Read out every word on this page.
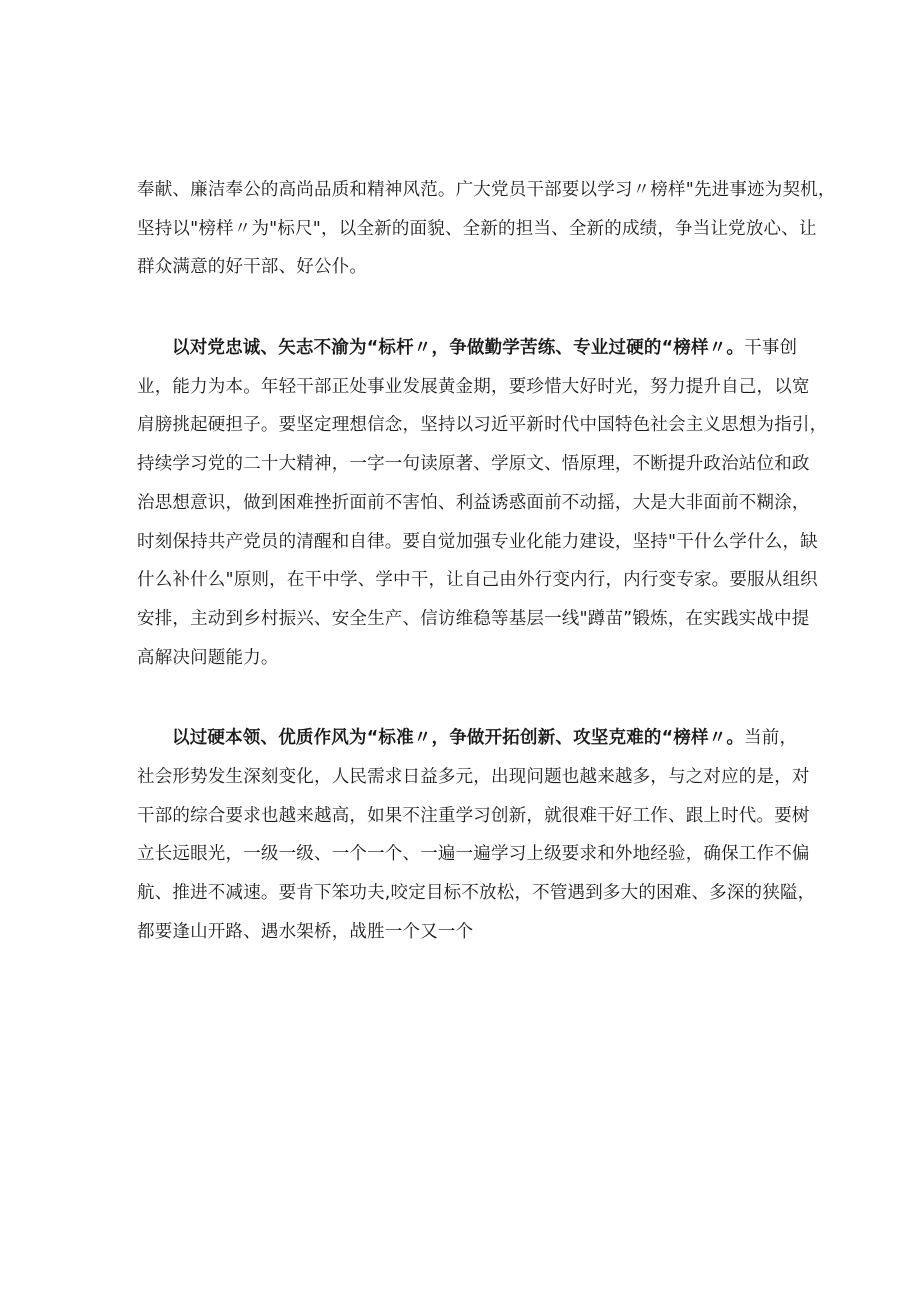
奉献、廉洁奉公的高尚品质和精神风范。广大党员干部要以学习〃榜样"先进事迹为契机，
坚持以"榜样〃为"标尺"，以全新的面貌、全新的担当、全新的成绩，争当让党放心、让
群众满意的好干部、好公仆。
以对党忠诚、矢志不渝为“标杆〃，争做勤学苦练、专业过硬的“榜样〃。干事创
业，能力为本。年轻干部正处事业发展黄金期，要珍惜大好时光，努力提升自己，以宽
肩膀挑起硬担子。要坚定理想信念，坚持以习近平新时代中国特色社会主义思想为指引，
持续学习党的二十大精神，一字一句读原著、学原文、悟原理，不断提升政治站位和政
治思想意识，做到困难挫折面前不害怕、利益诱惑面前不动摇，大是大非面前不糊涂，
时刻保持共产党员的清醒和自律。要自觉加强专业化能力建设，坚持"干什么学什么，缺
什么补什么"原则，在干中学、学中干，让自己由外行变内行，内行变专家。要服从组织
安排，主动到乡村振兴、安全生产、信访维稳等基层一线"蹲苗”锻炼，在实践实战中提
高解决问题能力。
以过硬本领、优质作风为“标准〃，争做开拓创新、攻坚克难的“榜样〃。当前，
社会形势发生深刻变化，人民需求日益多元，出现问题也越来越多，与之对应的是，对
干部的综合要求也越来越高，如果不注重学习创新，就很难干好工作、跟上时代。要树
立长远眼光，一级一级、一个一个、一遍一遍学习上级要求和外地经验，确保工作不偏
航、推进不减速。要肯下笨功夫,咬定目标不放松，不管遇到多大的困难、多深的狭隘，
都要逢山开路、遇水架桥，战胜一个又一个
